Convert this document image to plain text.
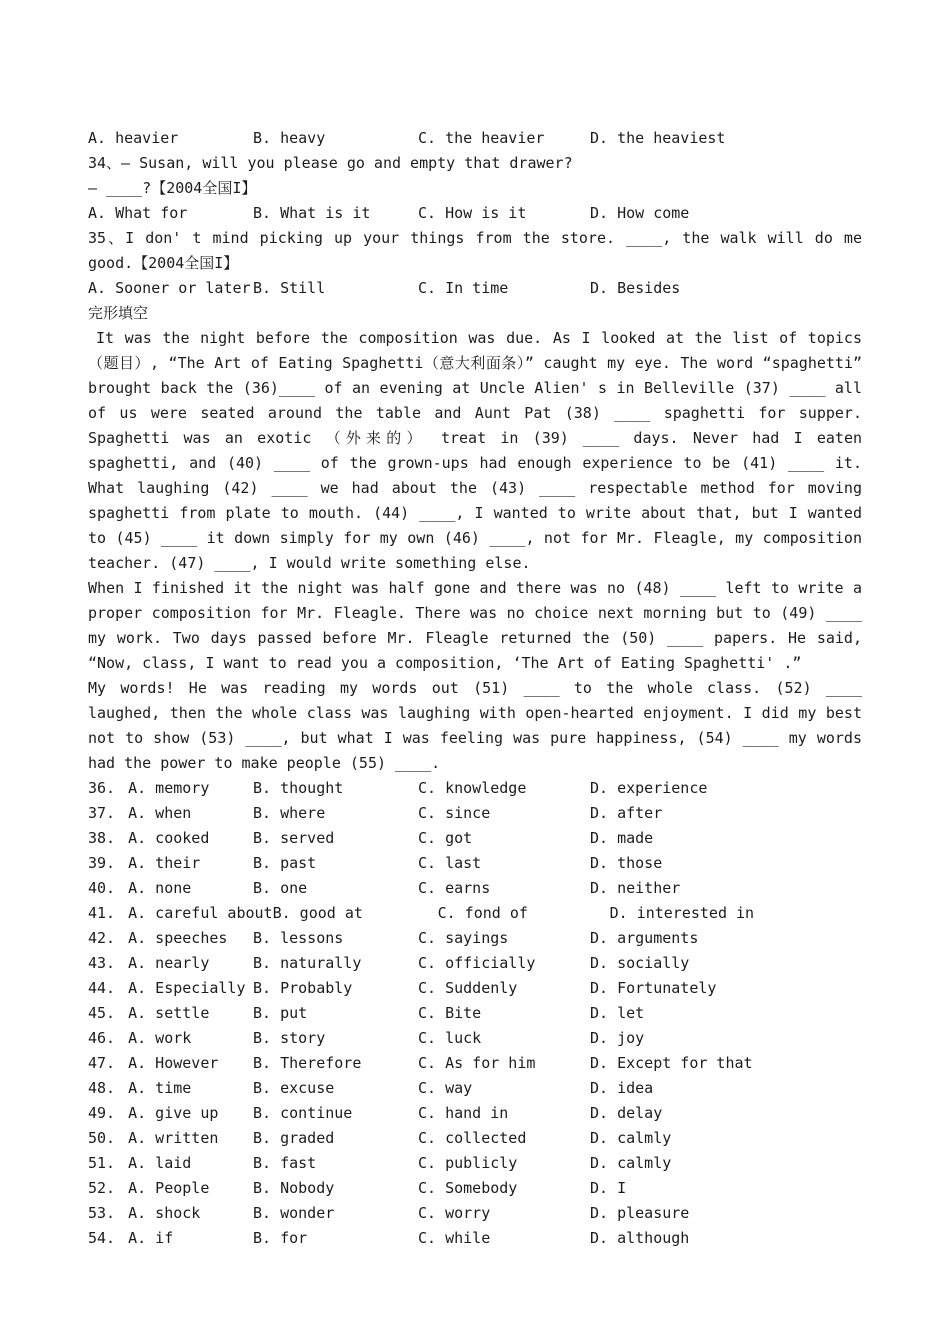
A. heavier	B. heavy	C. the heavier	D. the heaviest
34、— Susan, will you please go and empty that drawer?
— ____?【2004全国I】
A. What for	B. What is it	C. How is it	D. How come
35、I don' t mind picking up your things from the store. ____, the walk will do me good.【2004全国I】
A. Sooner or later B. Still	C. In time	D. Besides
完形填空
It was the night before the composition was due. As I looked at the list of topics （题目）, “The Art of Eating Spaghetti（意大利面条）” caught my eye. The word “spaghetti” brought back the (36)____ of an evening at Uncle Alien' s in Belleville (37) ____ all of us were seated around the table and Aunt Pat (38) ____ spaghetti for supper. Spaghetti was an exotic （外来的） treat in (39) ____ days. Never had I eaten spaghetti, and (40) ____ of the grown-ups had enough experience to be (41) ____ it. What laughing (42) ____ we had about the (43) ____ respectable method for moving spaghetti from plate to mouth. (44) ____, I wanted to write about that, but I wanted to (45) ____ it down simply for my own (46) ____, not for Mr. Fleagle, my composition teacher. (47) ____, I would write something else.
When I finished it the night was half gone and there was no (48) ____ left to write a proper composition for Mr. Fleagle. There was no choice next morning but to (49) ____ my work. Two days passed before Mr. Fleagle returned the (50) ____ papers. He said, “Now, class, I want to read you a composition, ‘The Art of Eating Spaghetti' .”
My words! He was reading my words out (51) ____ to the whole class. (52) ____ laughed, then the whole class was laughing with open-hearted enjoyment. I did my best not to show (53) ____, but what I was feeling was pure happiness, (54) ____ my words had the power to make people (55) ____.
36. A. memory	B. thought	C. knowledge	D. experience
37. A. when	B. where	C. since	D. after
38. A. cooked	B. served	C. got	D. made
39. A. their	B. past	C. last	D. those
40. A. none	B. one	C. earns	D. neither
41. A. careful about B. good at	C. fond of	D. interested in
42. A. speeches B. lessons	C. sayings	D. arguments
43. A. nearly	B. naturally	C. officially	D. socially
44. A. Especially B. Probably	C. Suddenly	D. Fortunately
45. A. settle	B. put	C. Bite	D. let
46. A. work	B. story	C. luck	D. joy
47. A. However B. Therefore	C. As for him	D. Except for that
48. A. time	B. excuse	C. way	D. idea
49. A. give up B. continue	C. hand in	D. delay
50. A. written B. graded	C. collected	D. calmly
51. A. laid	B. fast	C. publicly	D. calmly
52. A. People	B. Nobody	C. Somebody	D. I
53. A. shock	B. wonder	C. worry	D. pleasure
54. A. if	B. for	C. while	D. although
